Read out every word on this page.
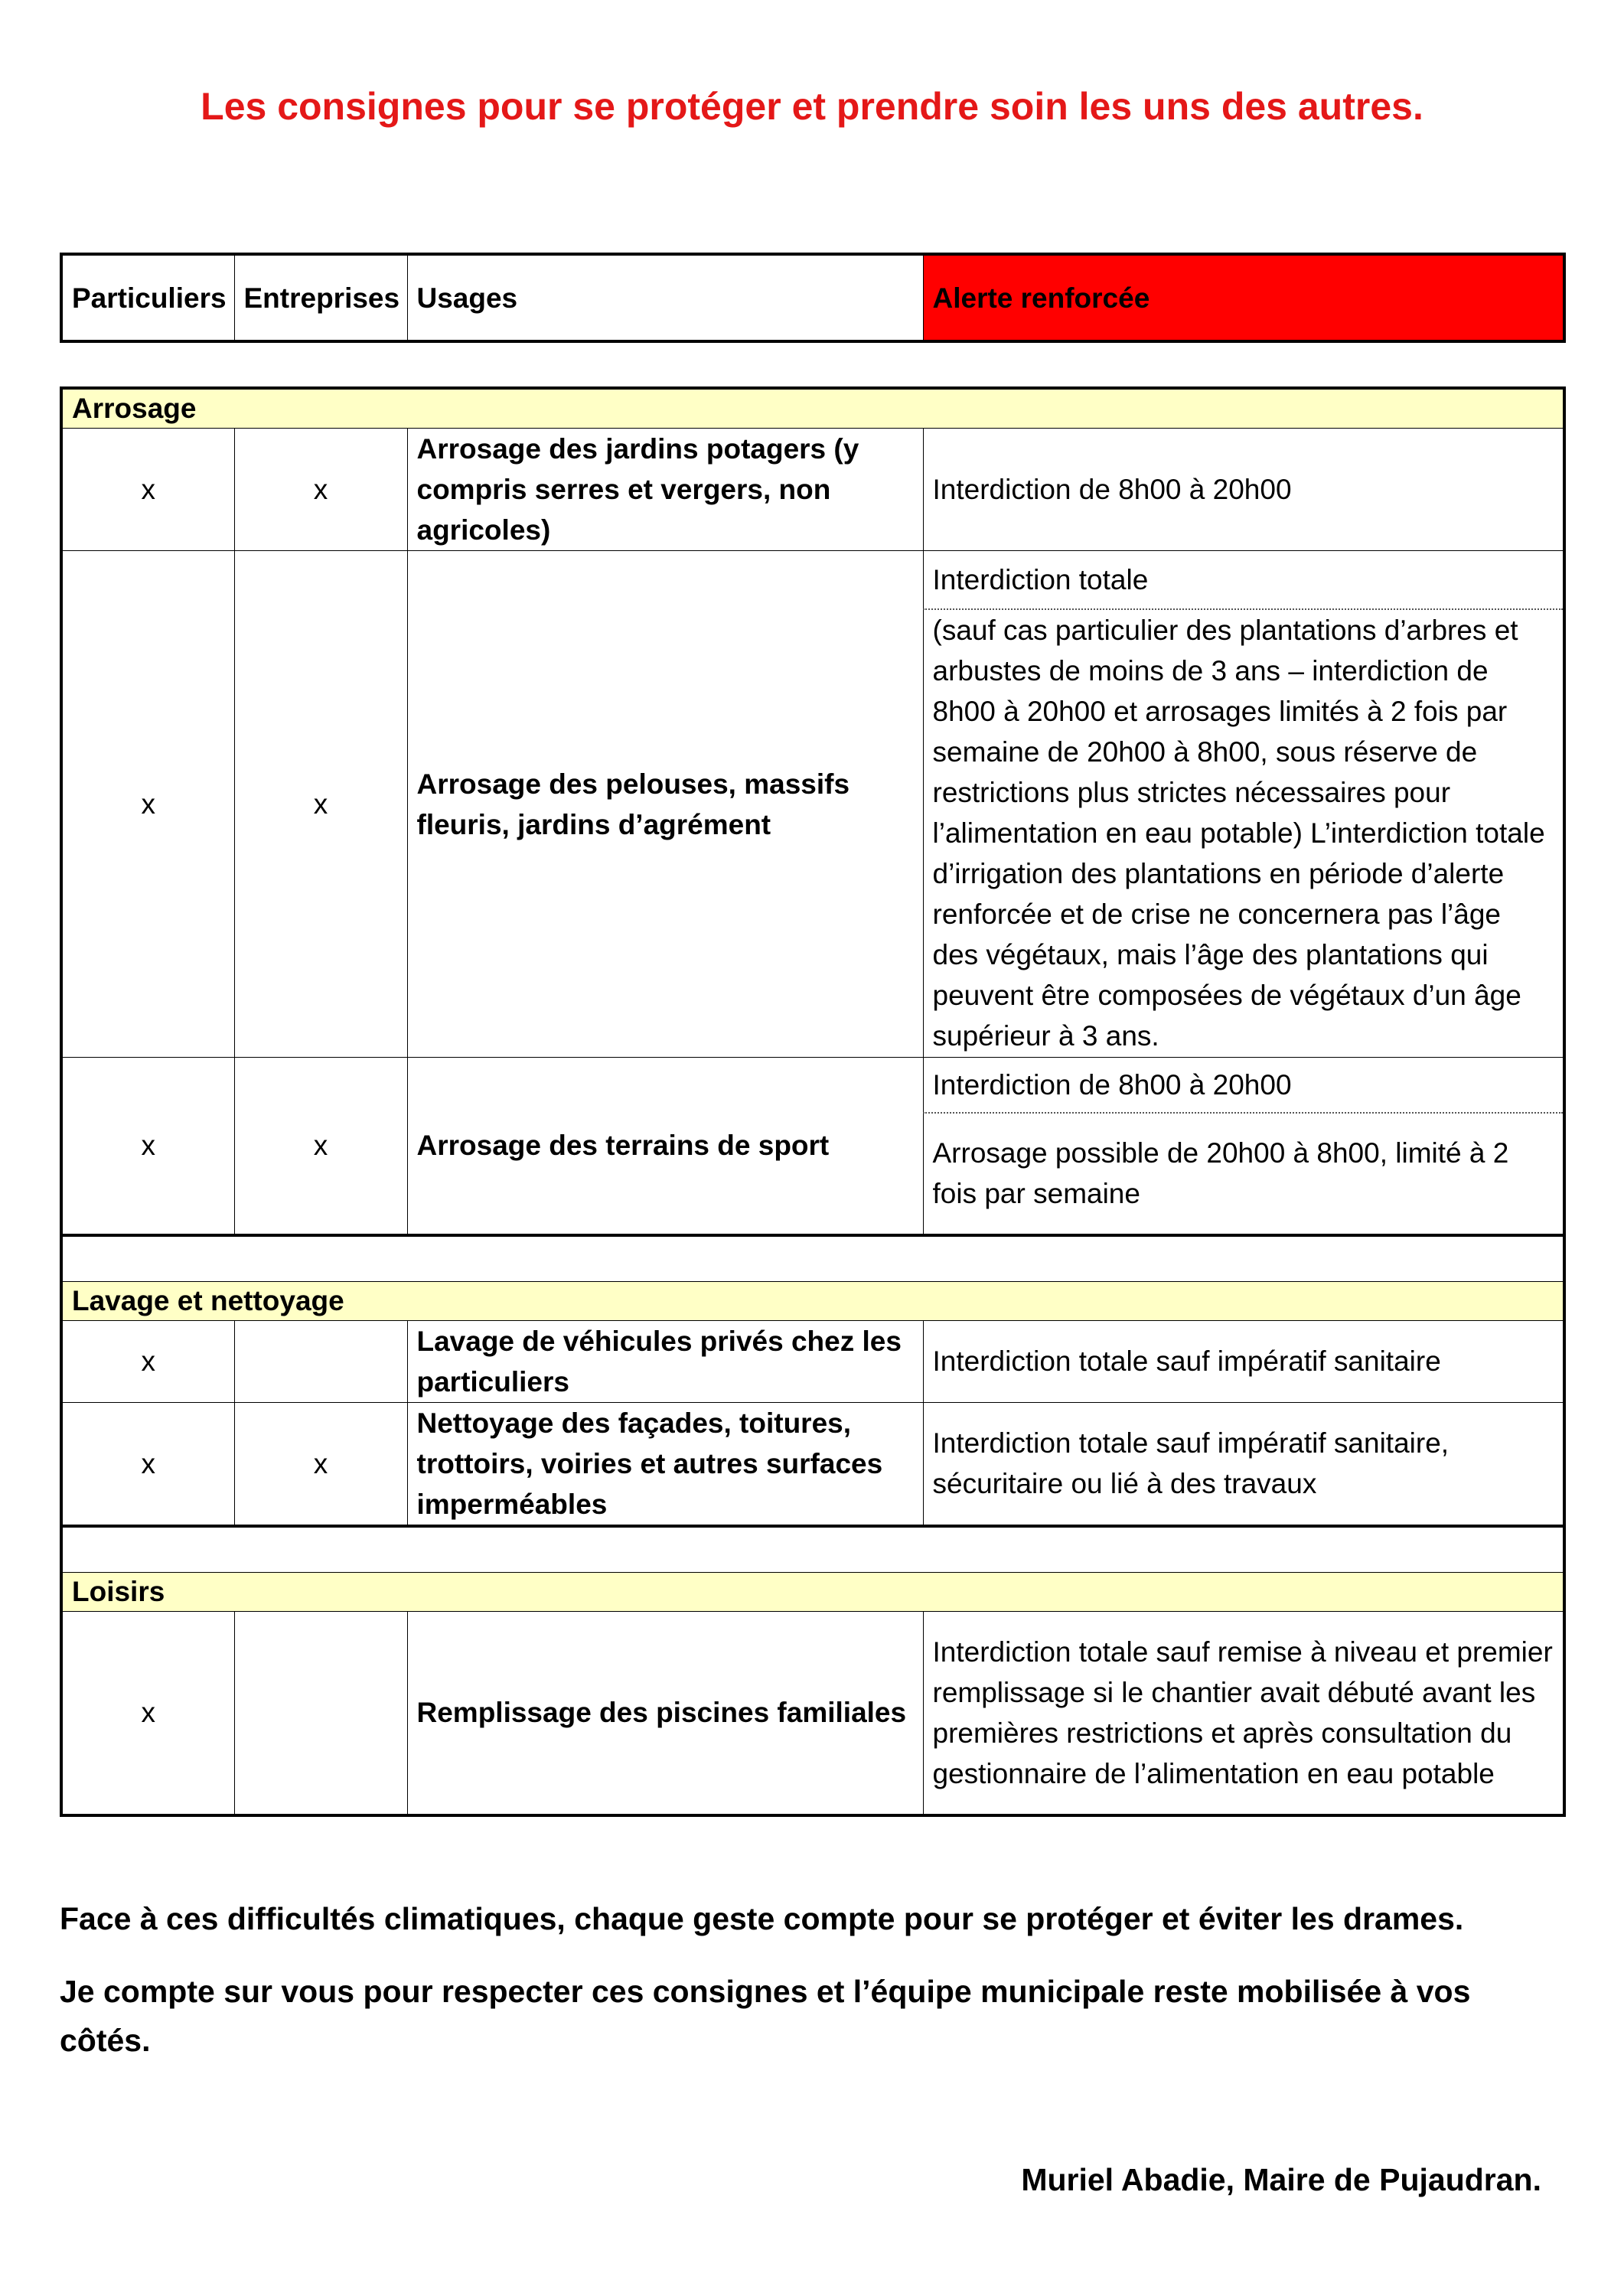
Les consignes pour se protéger et prendre soin les uns des autres.
Particuliers	Entreprises	Usages	Alerte renforcée
Arrosage			
x	x	Arrosage des jardins potagers (y compris serres et vergers, non agricoles)	Interdiction de 8h00 à 20h00
x	x	Arrosage des pelouses, massifs fleuris, jardins d’agrément	Interdiction totale
			(sauf cas particulier des plantations d’arbres et arbustes de moins de 3 ans – interdiction de 8h00 à 20h00 et arrosages limités à 2 fois par semaine de 20h00 à 8h00, sous réserve de restrictions plus strictes nécessaires pour l’alimentation en eau potable) L’interdiction totale d’irrigation des plantations en période d’alerte renforcée et de crise ne concernera pas l’âge des végétaux, mais l’âge des plantations qui peuvent être composées de végétaux d’un âge supérieur à 3 ans.
x	x	Arrosage des terrains de sport	Interdiction de 8h00 à 20h00
			Arrosage possible de 20h00 à 8h00, limité à 2 fois par semaine

Lavage et nettoyage			
x		Lavage de véhicules privés chez les particuliers	Interdiction totale sauf impératif sanitaire
x	x	Nettoyage des façades, toitures, trottoirs, voiries et autres surfaces imperméables	Interdiction totale sauf impératif sanitaire, sécuritaire ou lié à des travaux

Loisirs			
x		Remplissage des piscines familiales	Interdiction totale sauf remise à niveau et premier remplissage si le chantier avait débuté avant les premières restrictions et après consultation du gestionnaire de l’alimentation en eau potable
Face à ces difficultés climatiques, chaque geste compte pour se protéger et éviter les drames.
Je compte sur vous pour respecter ces consignes et l’équipe municipale reste mobilisée à vos côtés.
Muriel Abadie, Maire de Pujaudran.
